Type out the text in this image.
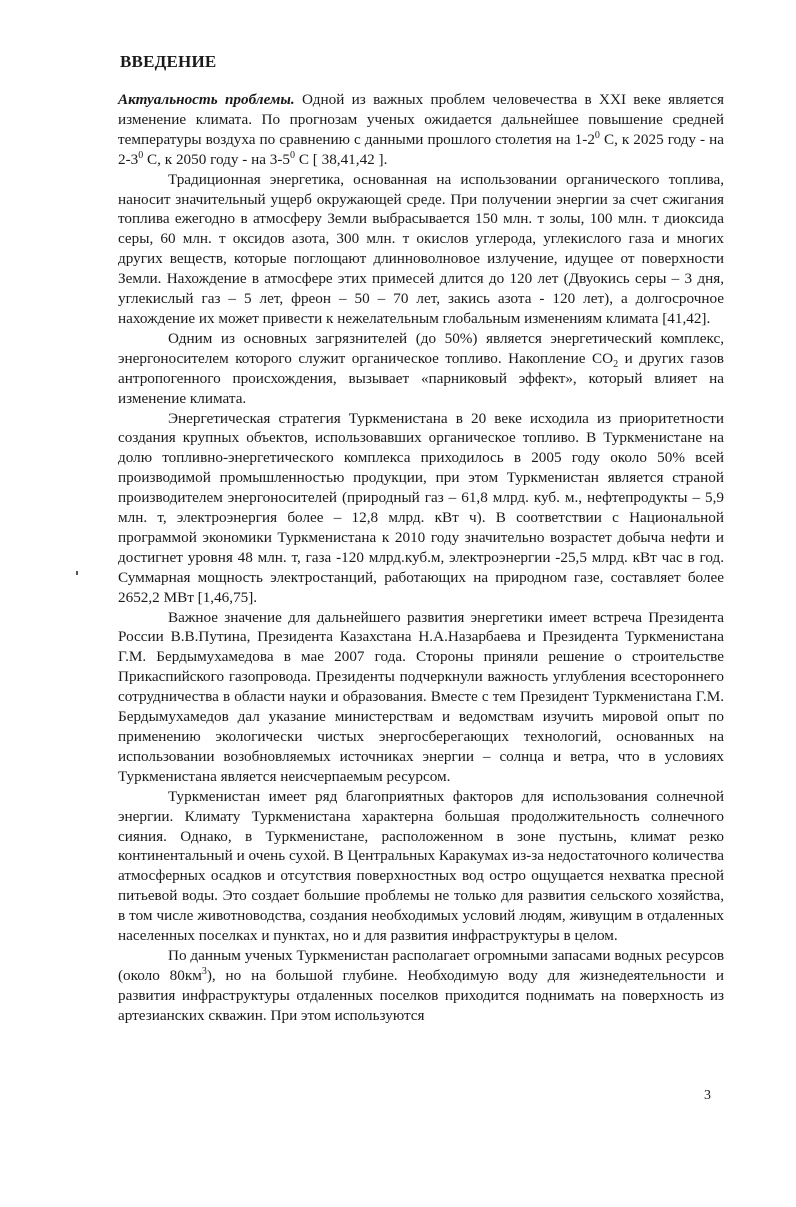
ВВЕДЕНИЕ

Актуальность проблемы. Одной из важных проблем человечества в XXI веке является изменение климата. По прогнозам ученых ожидается дальнейшее повышение средней температуры воздуха по сравнению с данными прошлого столетия на $1-2^0$ С, к 2025 году - на $2-3^0$ С, к 2050 году - на $3-5^0$ С [ 38,41,42 ].

Традиционная энергетика, основанная на использовании органического топлива, наносит значительный ущерб окружающей среде. При получении энергии за счет сжигания топлива ежегодно в атмосферу Земли выбрасывается 150 млн. т золы, 100 млн. т диоксида серы, 60 млн. т оксидов азота, 300 млн. т окислов углерода, углекислого газа и многих других веществ, которые поглощают длинноволновое излучение, идущее от поверхности Земли. Нахождение в атмосфере этих примесей длится до 120 лет (Двуокись серы – 3 дня, углекислый газ – 5 лет, фреон – 50 – 70 лет, закись азота - 120 лет), а долгосрочное нахождение их может привести к нежелательным глобальным изменениям климата [41,42].

Одним из основных загрязнителей (до 50%) является энергетический комплекс, энергоносителем которого служит органическое топливо. Накопление $CO_2$ и других газов антропогенного происхождения, вызывает «парниковый эффект», который влияет на изменение климата.

Энергетическая стратегия Туркменистана в 20 веке исходила из приоритетности создания крупных объектов, использовавших органическое топливо. В Туркменистане на долю топливно-энергетического комплекса приходилось в 2005 году около 50% всей производимой промышленностью продукции, при этом Туркменистан является страной производителем энергоносителей (природный газ – 61,8 млрд. куб. м., нефтепродукты – 5,9 млн. т, электроэнергия более – 12,8 млрд. кВт ч). В соответствии с Национальной программой экономики Туркменистана к 2010 году значительно возрастет добыча нефти и достигнет уровня 48 млн. т, газа -120 млрд.куб.м, электроэнергии -25,5 млрд. кВт час в год. Суммарная мощность электростанций, работающих на природном газе, составляет более 2652,2 МВт [1,46,75].

Важное значение для дальнейшего развития энергетики имеет встреча Президента России В.В.Путина, Президента Казахстана Н.А.Назарбаева и Президента Туркменистана Г.М. Бердымухамедова в мае 2007 года. Стороны приняли решение о строительстве Прикаспийского газопровода. Президенты подчеркнули важность углубления всестороннего сотрудничества в области науки и образования. Вместе с тем Президент Туркменистана Г.М. Бердымухамедов дал указание министерствам и ведомствам изучить мировой опыт по применению экологически чистых энергосберегающих технологий, основанных на использовании возобновляемых источниках энергии – солнца и ветра, что в условиях Туркменистана является неисчерпаемым ресурсом.

Туркменистан имеет ряд благоприятных факторов для использования солнечной энергии. Климату Туркменистана характерна большая продолжительность солнечного сияния. Однако, в Туркменистане, расположенном в зоне пустынь, климат резко континентальный и очень сухой. В Центральных Каракумах из-за недостаточного количества атмосферных осадков и отсутствия поверхностных вод остро ощущается нехватка пресной питьевой воды. Это создает большие проблемы не только для развития сельского хозяйства, в том числе животноводства, создания необходимых условий людям, живущим в отдаленных населенных поселках и пунктах, но и для развития инфраструктуры в целом.

По данным ученых Туркменистан располагает огромными запасами водных ресурсов (около $80км^3$), но на большой глубине. Необходимую воду для жизнедеятельности и развития инфраструктуры отдаленных поселков приходится поднимать на поверхность из артезианских скважин. При этом используются

3
